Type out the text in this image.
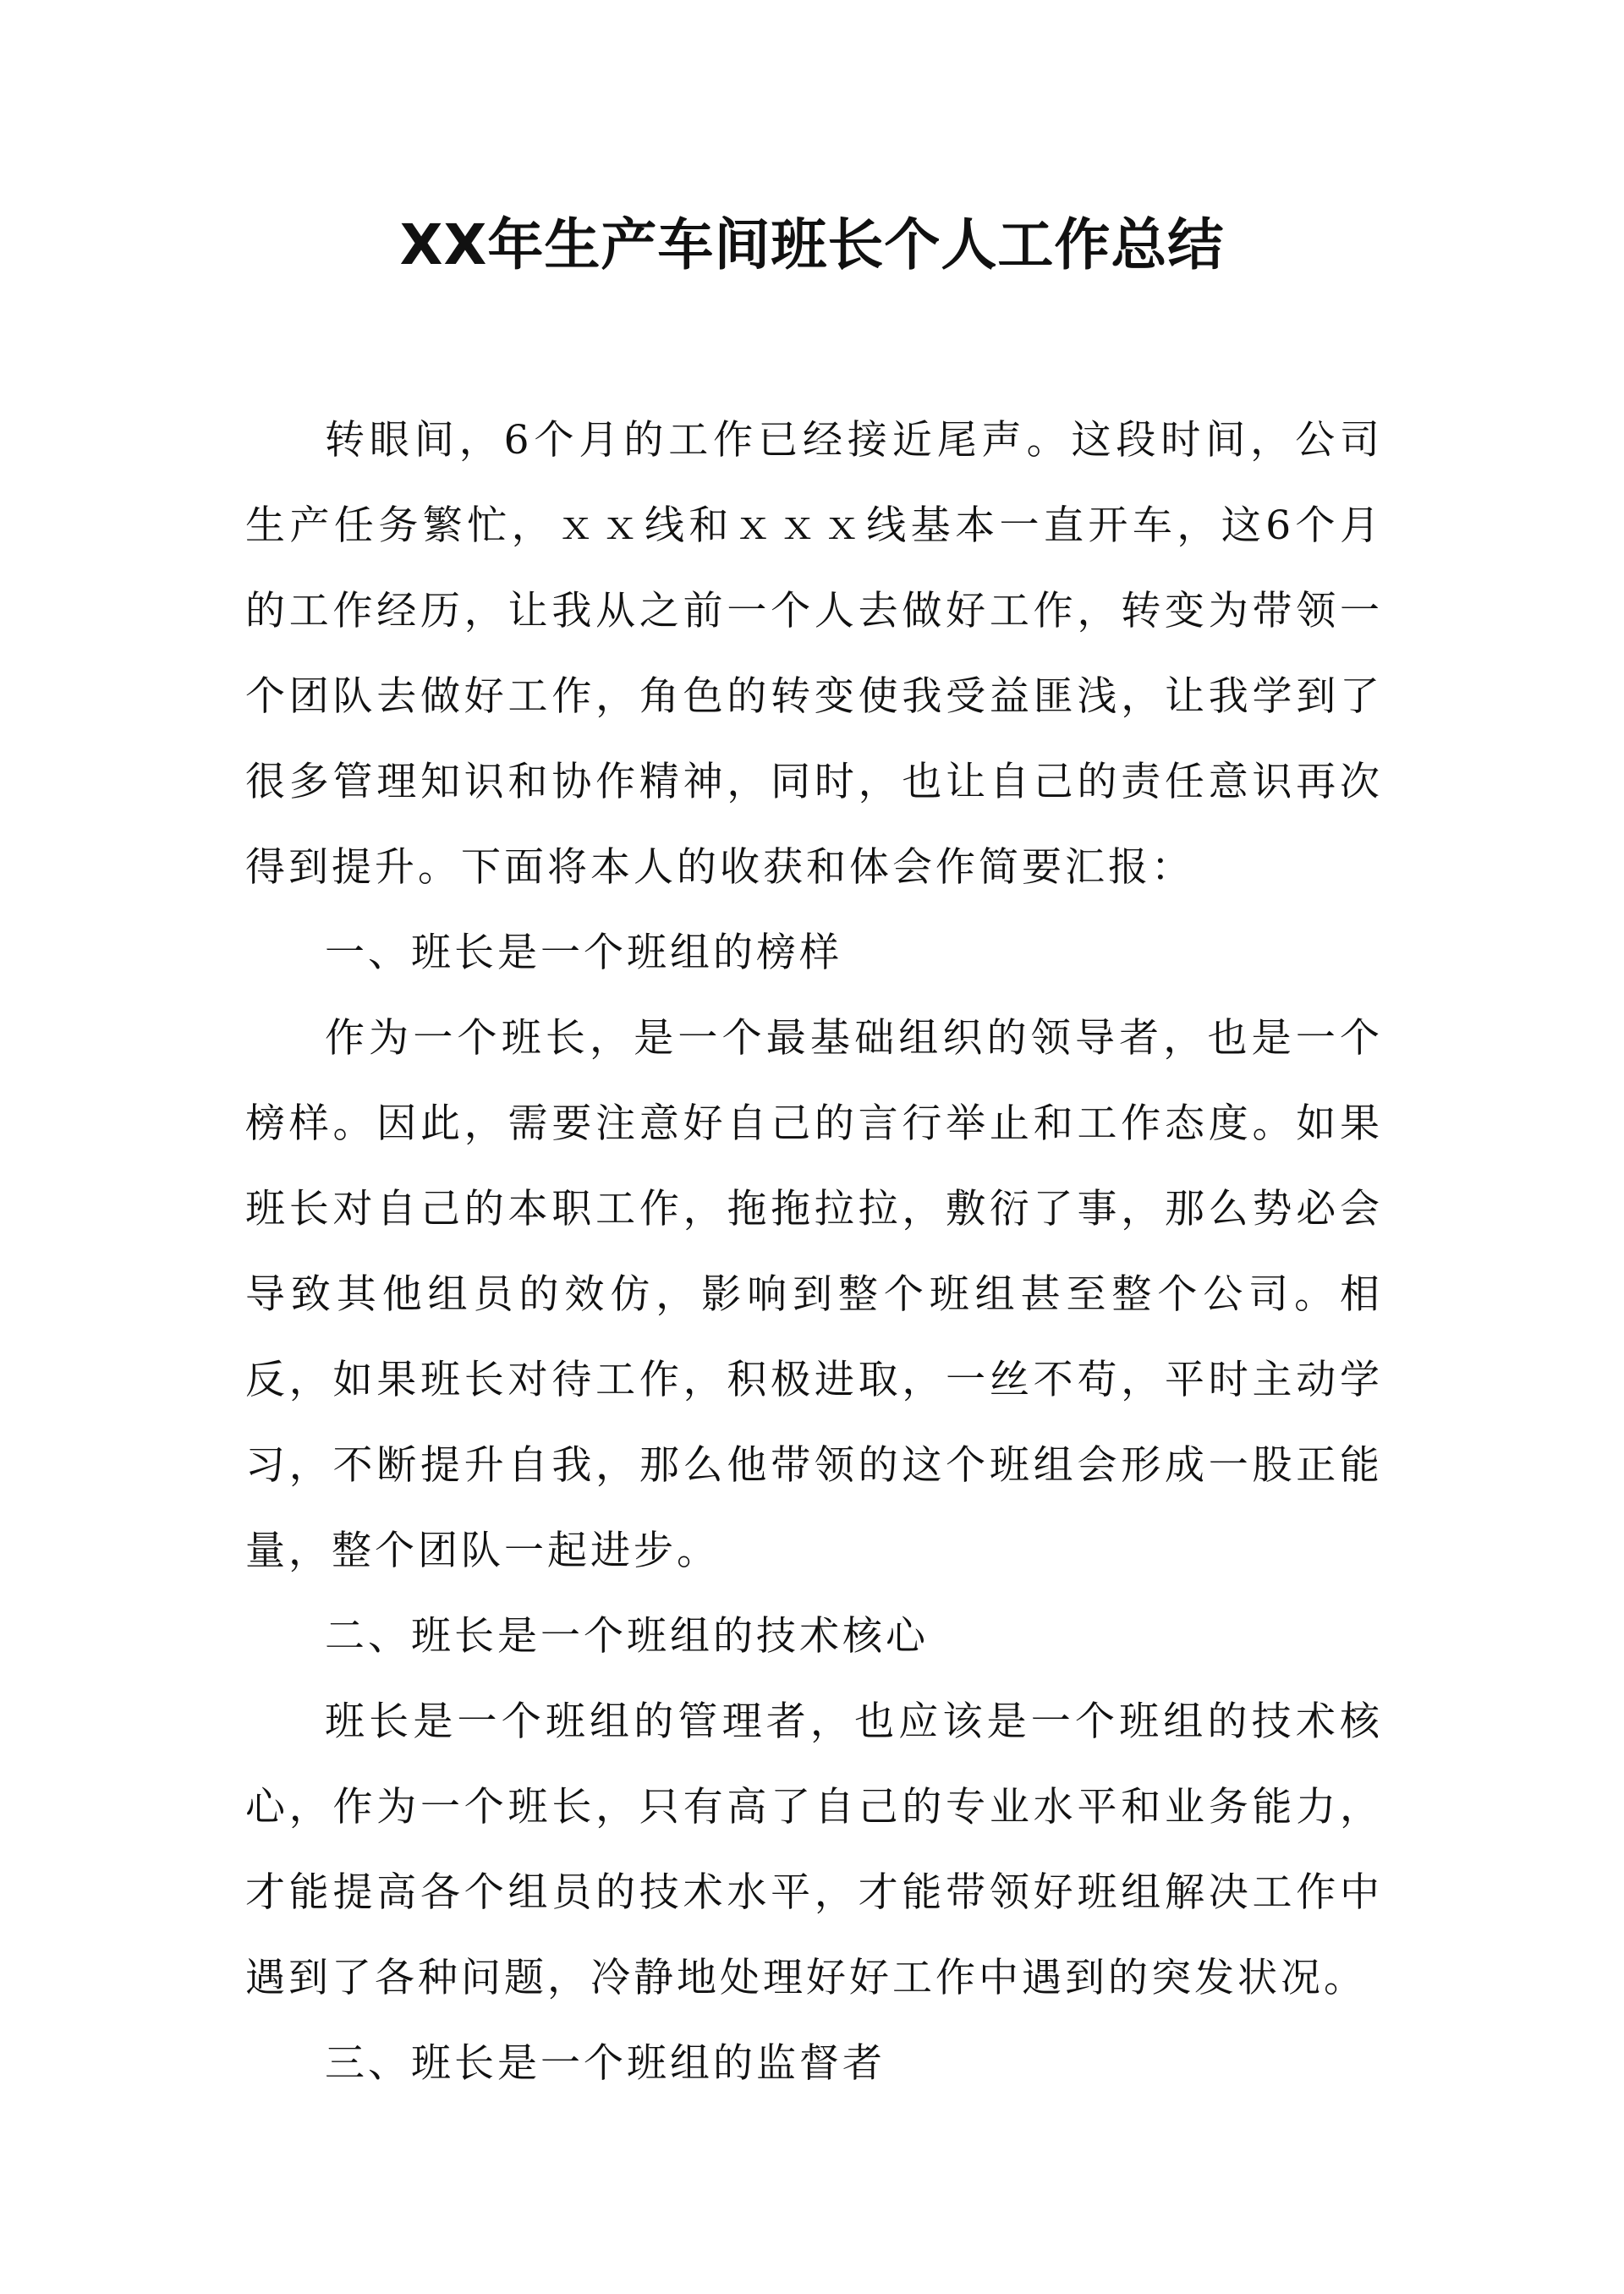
XX年生产车间班长个人工作总结

转眼间，6个月的工作已经接近尾声。这段时间，公司生产任务繁忙，ｘｘ线和ｘｘｘ线基本一直开车，这6个月的工作经历，让我从之前一个人去做好工作，转变为带领一个团队去做好工作，角色的转变使我受益匪浅，让我学到了很多管理知识和协作精神，同时，也让自己的责任意识再次得到提升。下面将本人的收获和体会作简要汇报：

一、班长是一个班组的榜样

作为一个班长，是一个最基础组织的领导者，也是一个榜样。因此，需要注意好自己的言行举止和工作态度。如果班长对自己的本职工作，拖拖拉拉，敷衍了事，那么势必会导致其他组员的效仿，影响到整个班组甚至整个公司。相反，如果班长对待工作，积极进取，一丝不苟，平时主动学习，不断提升自我，那么他带领的这个班组会形成一股正能量，整个团队一起进步。

二、班长是一个班组的技术核心

班长是一个班组的管理者，也应该是一个班组的技术核心，作为一个班长，只有高了自己的专业水平和业务能力，才能提高各个组员的技术水平，才能带领好班组解决工作中遇到了各种问题，冷静地处理好好工作中遇到的突发状况。

三、班长是一个班组的监督者
